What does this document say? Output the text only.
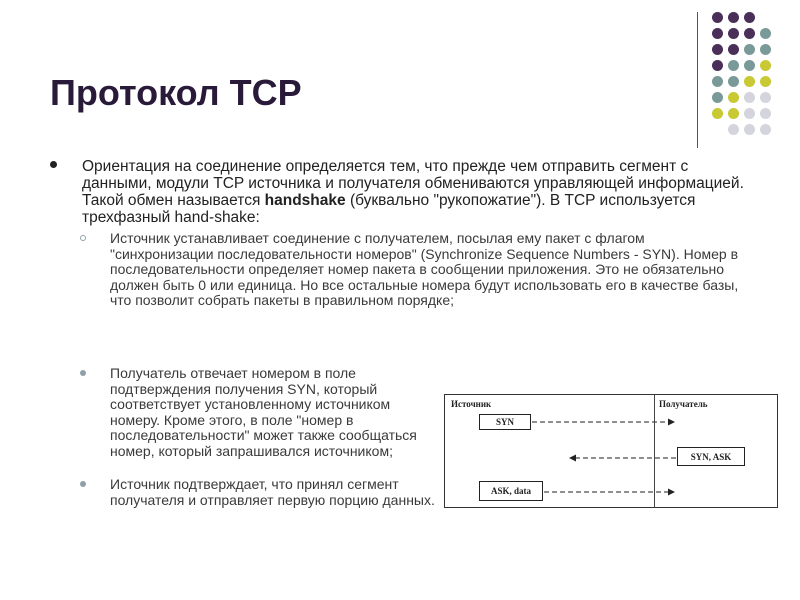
Протокол TCP
Ориентация на соединение определяется тем, что прежде чем отправить сегмент с данными, модули TCP источника и получателя обмениваются управляющей информацией. Такой обмен называется handshake (буквально "рукопожатие"). В TCP используется трехфазный hand-shake:
Источник устанавливает соединение с получателем, посылая ему пакет с флагом "синхронизации последовательности номеров" (Synchronize Sequence Numbers - SYN). Номер в последовательности определяет номер пакета в сообщении приложения. Это не обязательно должен быть 0 или единица. Но все остальные номера будут использовать его в качестве базы, что позволит собрать пакеты в правильном порядке;
Получатель отвечает номером в поле подтверждения получения SYN, который соответствует установленному источником номеру. Кроме этого, в поле "номер в последовательности" может также сообщаться номер, который запрашивался источником;
Источник подтверждает, что принял сегмент получателя и отправляет первую порцию данных.
Источник	Получатель
SYN
SYN, ASK
ASK, data
